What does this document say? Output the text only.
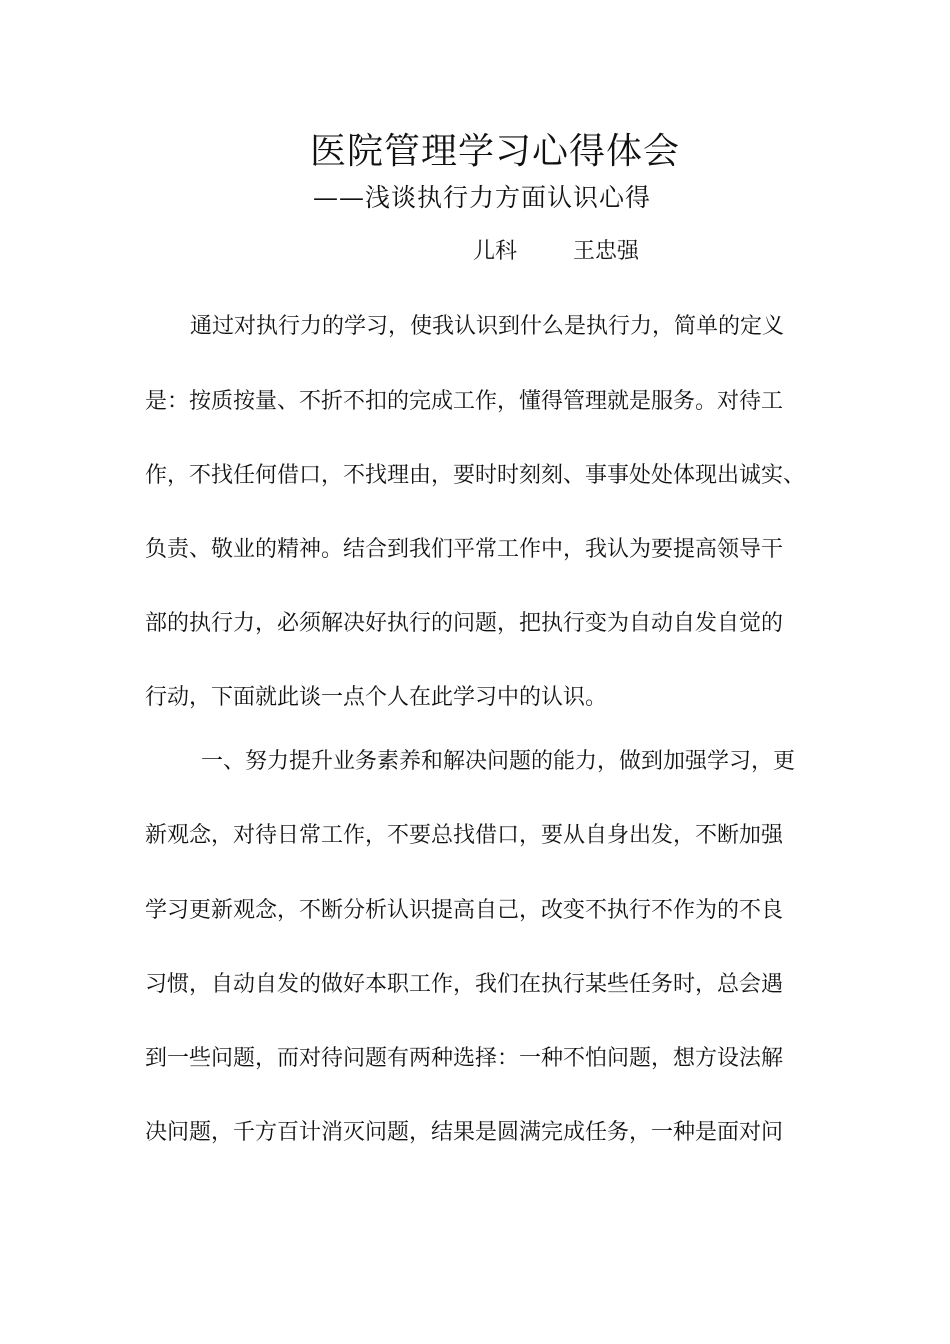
医院管理学习心得体会
——浅谈执行力方面认识心得
儿科	王忠强
通过对执行力的学习，使我认识到什么是执行力，简单的定义
是：按质按量、不折不扣的完成工作，懂得管理就是服务。对待工
作，不找任何借口，不找理由，要时时刻刻、事事处处体现出诚实、
负责、敬业的精神。结合到我们平常工作中，我认为要提高领导干
部的执行力，必须解决好执行的问题，把执行变为自动自发自觉的
行动，下面就此谈一点个人在此学习中的认识。
一、努力提升业务素养和解决问题的能力，做到加强学习，更
新观念，对待日常工作，不要总找借口，要从自身出发，不断加强
学习更新观念，不断分析认识提高自己，改变不执行不作为的不良
习惯，自动自发的做好本职工作，我们在执行某些任务时，总会遇
到一些问题，而对待问题有两种选择：一种不怕问题，想方设法解
决问题，千方百计消灭问题，结果是圆满完成任务，一种是面对问
